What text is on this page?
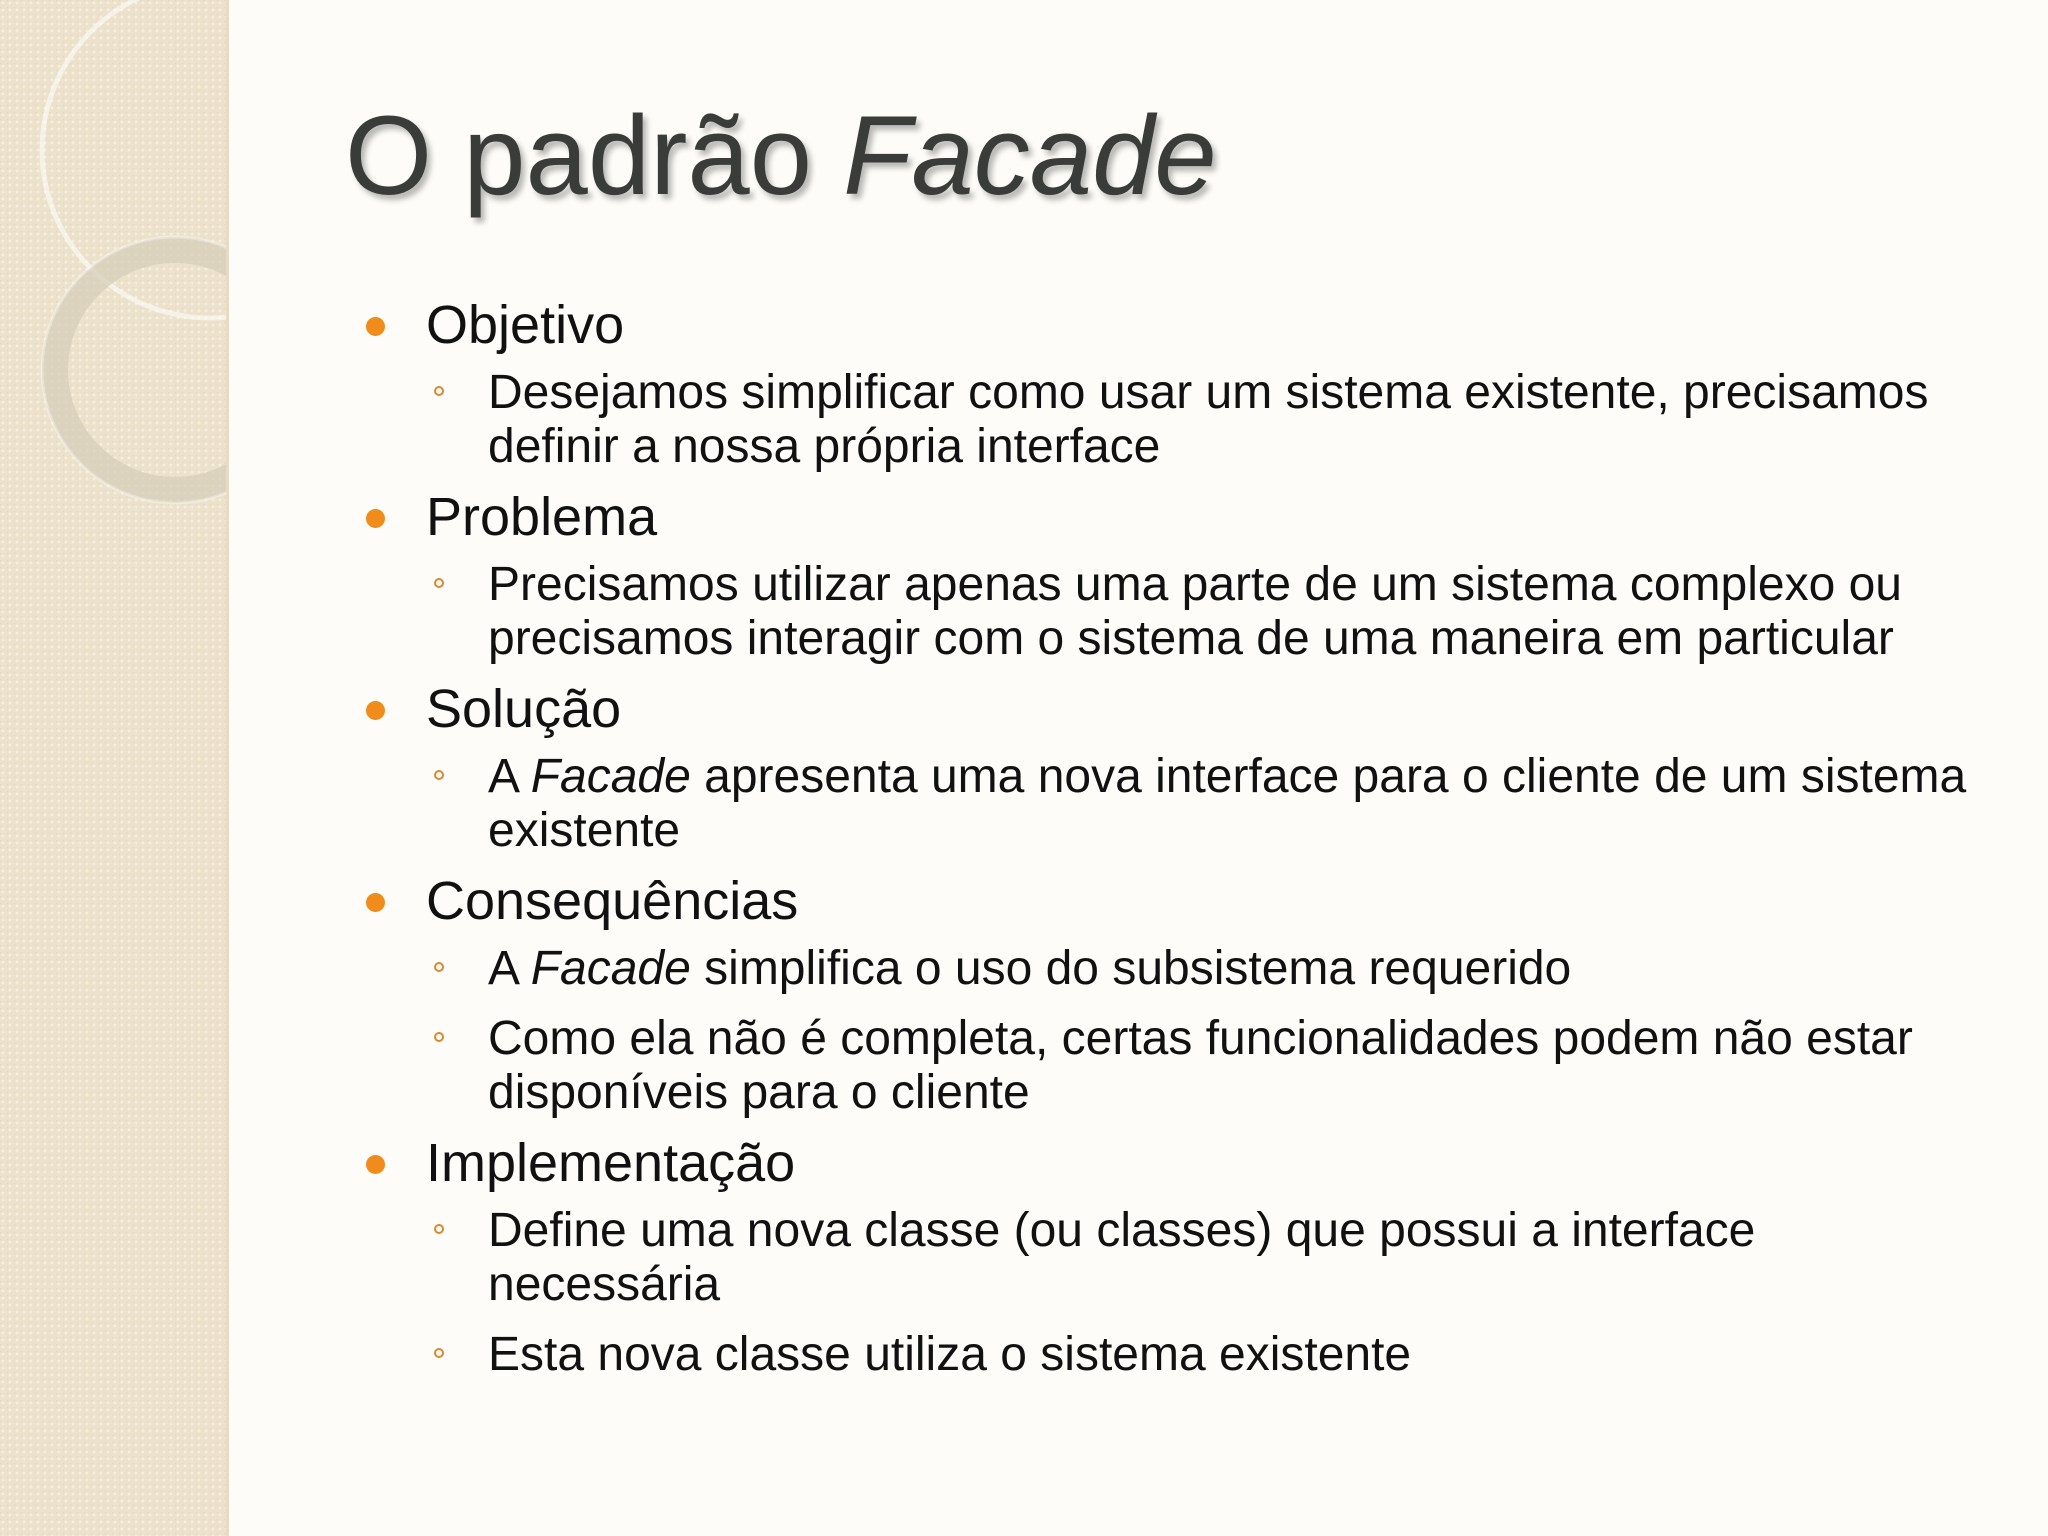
O padrão Facade
Objetivo

Desejamos simplificar como usar um sistema existente, precisamos definir a nossa própria interface

Problema

Precisamos utilizar apenas uma parte de um sistema complexo ou precisamos interagir com o sistema de uma maneira em particular

Solução

A Facade apresenta uma nova interface para o cliente de um sistema existente

Consequências

A Facade simplifica o uso do subsistema requerido

Como ela não é completa, certas funcionalidades podem não estar disponíveis para o cliente

Implementação

Define uma nova classe (ou classes) que possui a interface necessária

Esta nova classe utiliza o sistema existente
